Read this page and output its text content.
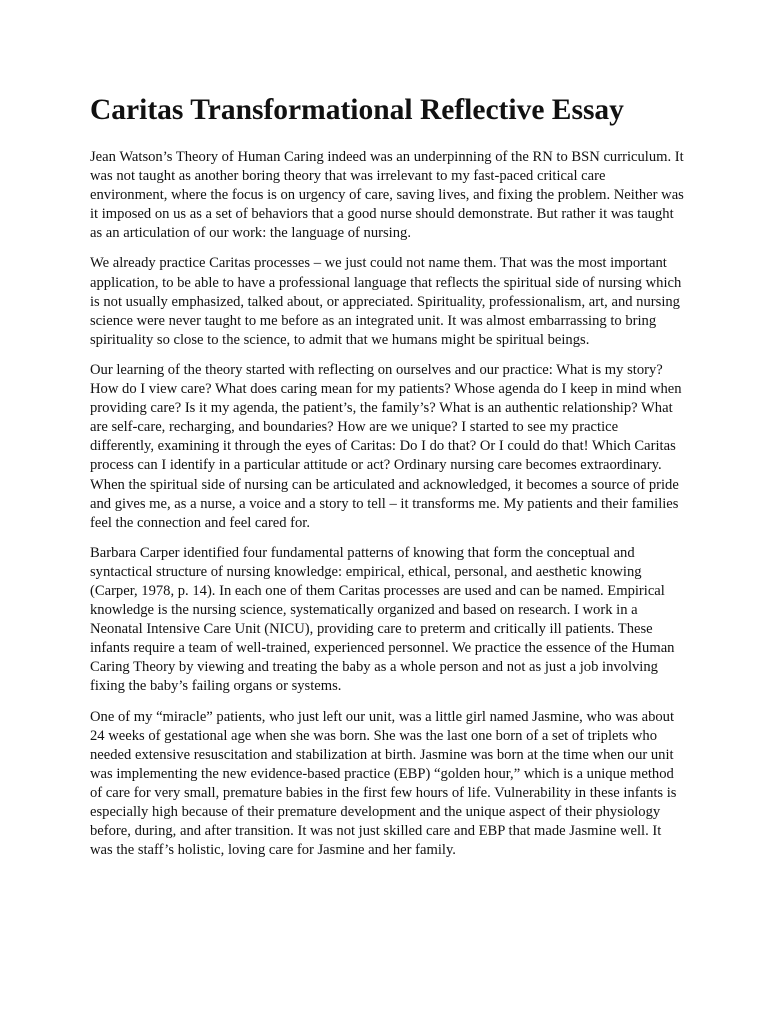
Caritas Transformational Reflective Essay

Jean Watson’s Theory of Human Caring indeed was an underpinning of the RN to BSN curriculum. It was not taught as another boring theory that was irrelevant to my fast-paced critical care environment, where the focus is on urgency of care, saving lives, and fixing the problem. Neither was it imposed on us as a set of behaviors that a good nurse should demonstrate. But rather it was taught as an articulation of our work: the language of nursing.

We already practice Caritas processes – we just could not name them. That was the most important application, to be able to have a professional language that reflects the spiritual side of nursing which is not usually emphasized, talked about, or appreciated. Spirituality, professionalism, art, and nursing science were never taught to me before as an integrated unit. It was almost embarrassing to bring spirituality so close to the science, to admit that we humans might be spiritual beings.

Our learning of the theory started with reflecting on ourselves and our practice: What is my story? How do I view care? What does caring mean for my patients? Whose agenda do I keep in mind when providing care? Is it my agenda, the patient’s, the family’s? What is an authentic relationship? What are self-care, recharging, and boundaries? How are we unique? I started to see my practice differently, examining it through the eyes of Caritas: Do I do that? Or I could do that! Which Caritas process can I identify in a particular attitude or act? Ordinary nursing care becomes extraordinary. When the spiritual side of nursing can be articulated and acknowledged, it becomes a source of pride and gives me, as a nurse, a voice and a story to tell – it transforms me. My patients and their families feel the connection and feel cared for.

Barbara Carper identified four fundamental patterns of knowing that form the conceptual and syntactical structure of nursing knowledge: empirical, ethical, personal, and aesthetic knowing (Carper, 1978, p. 14). In each one of them Caritas processes are used and can be named. Empirical knowledge is the nursing science, systematically organized and based on research. I work in a Neonatal Intensive Care Unit (NICU), providing care to preterm and critically ill patients. These infants require a team of well-trained, experienced personnel. We practice the essence of the Human Caring Theory by viewing and treating the baby as a whole person and not as just a job involving fixing the baby’s failing organs or systems.

One of my “miracle” patients, who just left our unit, was a little girl named Jasmine, who was about 24 weeks of gestational age when she was born. She was the last one born of a set of triplets who needed extensive resuscitation and stabilization at birth. Jasmine was born at the time when our unit was implementing the new evidence-based practice (EBP) “golden hour,” which is a unique method of care for very small, premature babies in the first few hours of life. Vulnerability in these infants is especially high because of their premature development and the unique aspect of their physiology before, during, and after transition. It was not just skilled care and EBP that made Jasmine well. It was the staff’s holistic, loving care for Jasmine and her family.
